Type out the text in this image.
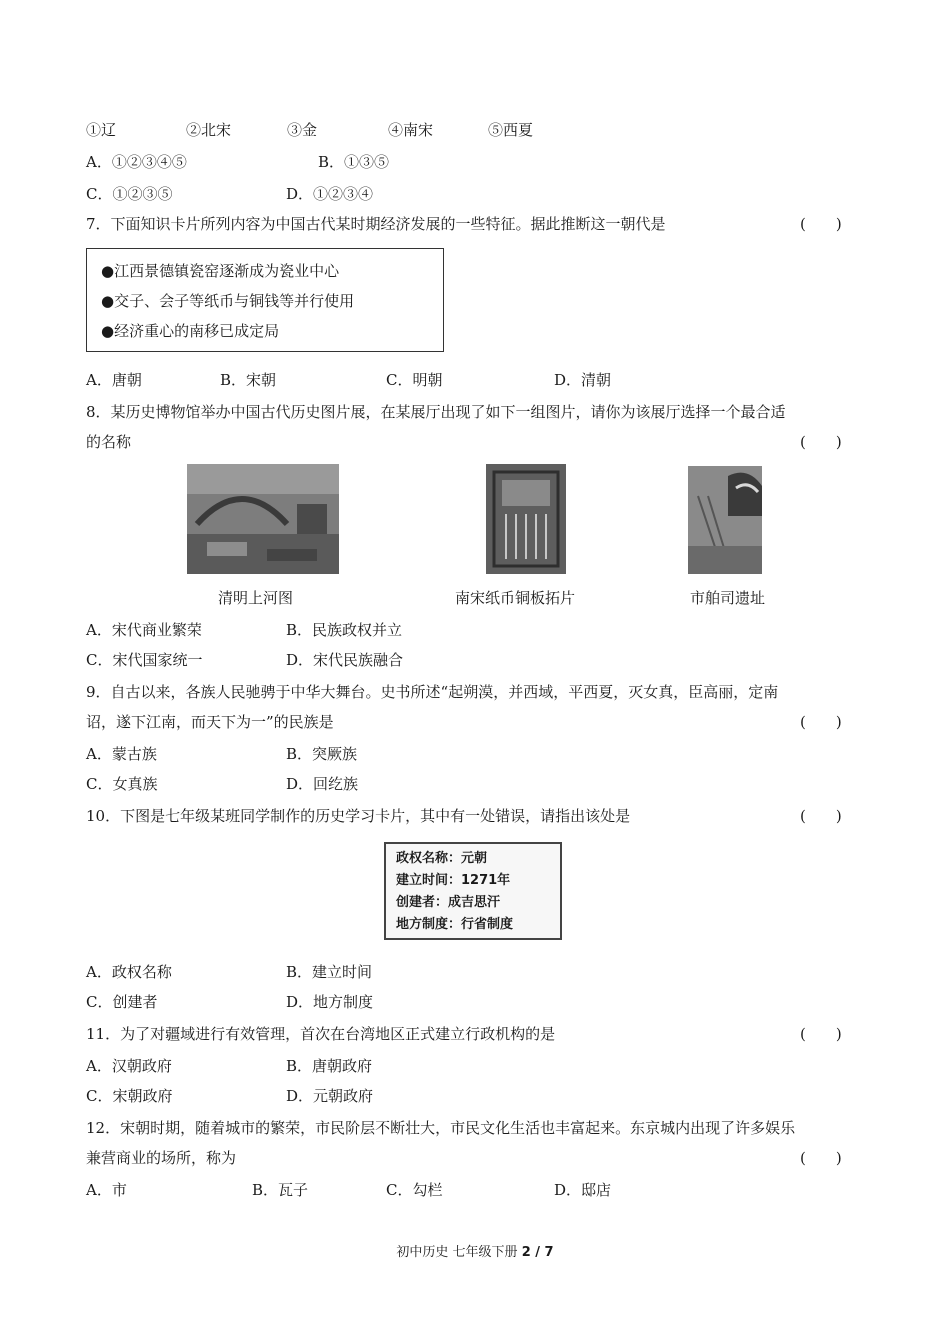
①辽	②北宋	③金	④南宋	⑤西夏
A．①②③④⑤	B．①③⑤
C．①②③⑤	D．①②③④
7．下面知识卡片所列内容为中国古代某时期经济发展的一些特征。据此推断这一朝代是	(　　)
●江西景德镇瓷窑逐渐成为瓷业中心
●交子、会子等纸币与铜钱等并行使用
●经济重心的南移已成定局
A．唐朝	B．宋朝	C．明朝	D．清朝
8．某历史博物馆举办中国古代历史图片展，在某展厅出现了如下一组图片，请你为该展厅选择一个最合适
的名称	(　　)
清明上河图	南宋纸币铜板拓片	市舶司遗址
A．宋代商业繁荣	B．民族政权并立
C．宋代国家统一	D．宋代民族融合
9．自古以来，各族人民驰骋于中华大舞台。史书所述“起朔漠，并西域，平西夏，灭女真，臣高丽，定南
诏，遂下江南，而天下为一”的民族是	(　　)
A．蒙古族	B．突厥族
C．女真族	D．回纥族
10．下图是七年级某班同学制作的历史学习卡片，其中有一处错误，请指出该处是	(　　)
政权名称：元朝
建立时间：1271年
创建者：成吉思汗
地方制度：行省制度
A．政权名称	B．建立时间
C．创建者	D．地方制度
11．为了对疆域进行有效管理，首次在台湾地区正式建立行政机构的是	(　　)
A．汉朝政府	B．唐朝政府
C．宋朝政府	D．元朝政府
12．宋朝时期，随着城市的繁荣，市民阶层不断壮大，市民文化生活也丰富起来。东京城内出现了许多娱乐
兼营商业的场所，称为	(　　)
A．市	B．瓦子	C．勾栏	D．邸店
初中历史 七年级下册 2 / 7
